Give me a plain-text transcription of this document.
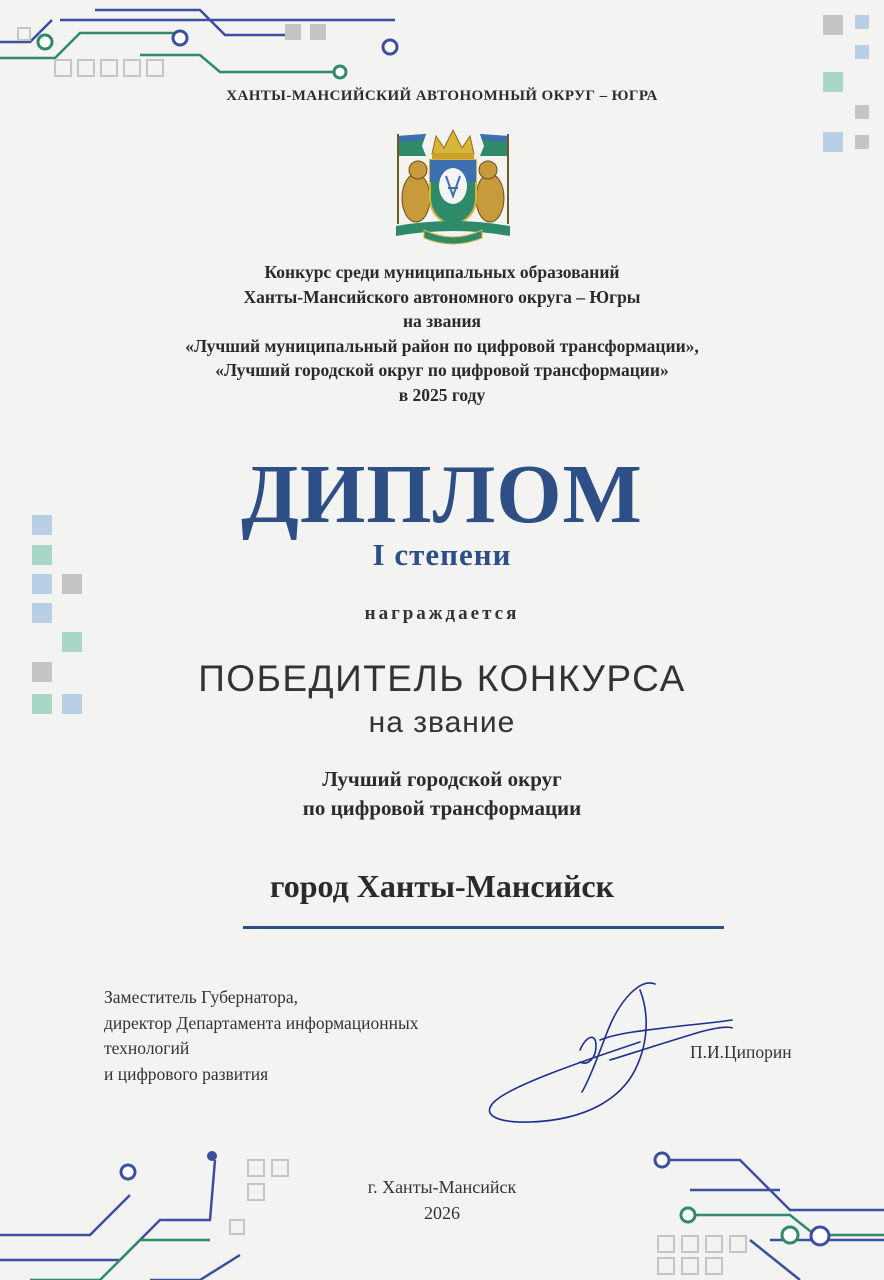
ХАНТЫ-МАНСИЙСКИЙ АВТОНОМНЫЙ ОКРУГ – ЮГРА
Конкурс среди муниципальных образований
Ханты-Мансийского автономного округа – Югры
на звания
«Лучший муниципальный район по цифровой трансформации»,
«Лучший городской округ по цифровой трансформации»
в 2025 году
ДИПЛОМ
I степени
награждается
ПОБЕДИТЕЛЬ КОНКУРСА
на звание
Лучший городской округ
по цифровой трансформации
город Ханты-Мансийск
Заместитель Губернатора,
директор Департамента информационных
технологий
и цифрового развития
П.И.Ципорин
г. Ханты-Мансийск
2026
